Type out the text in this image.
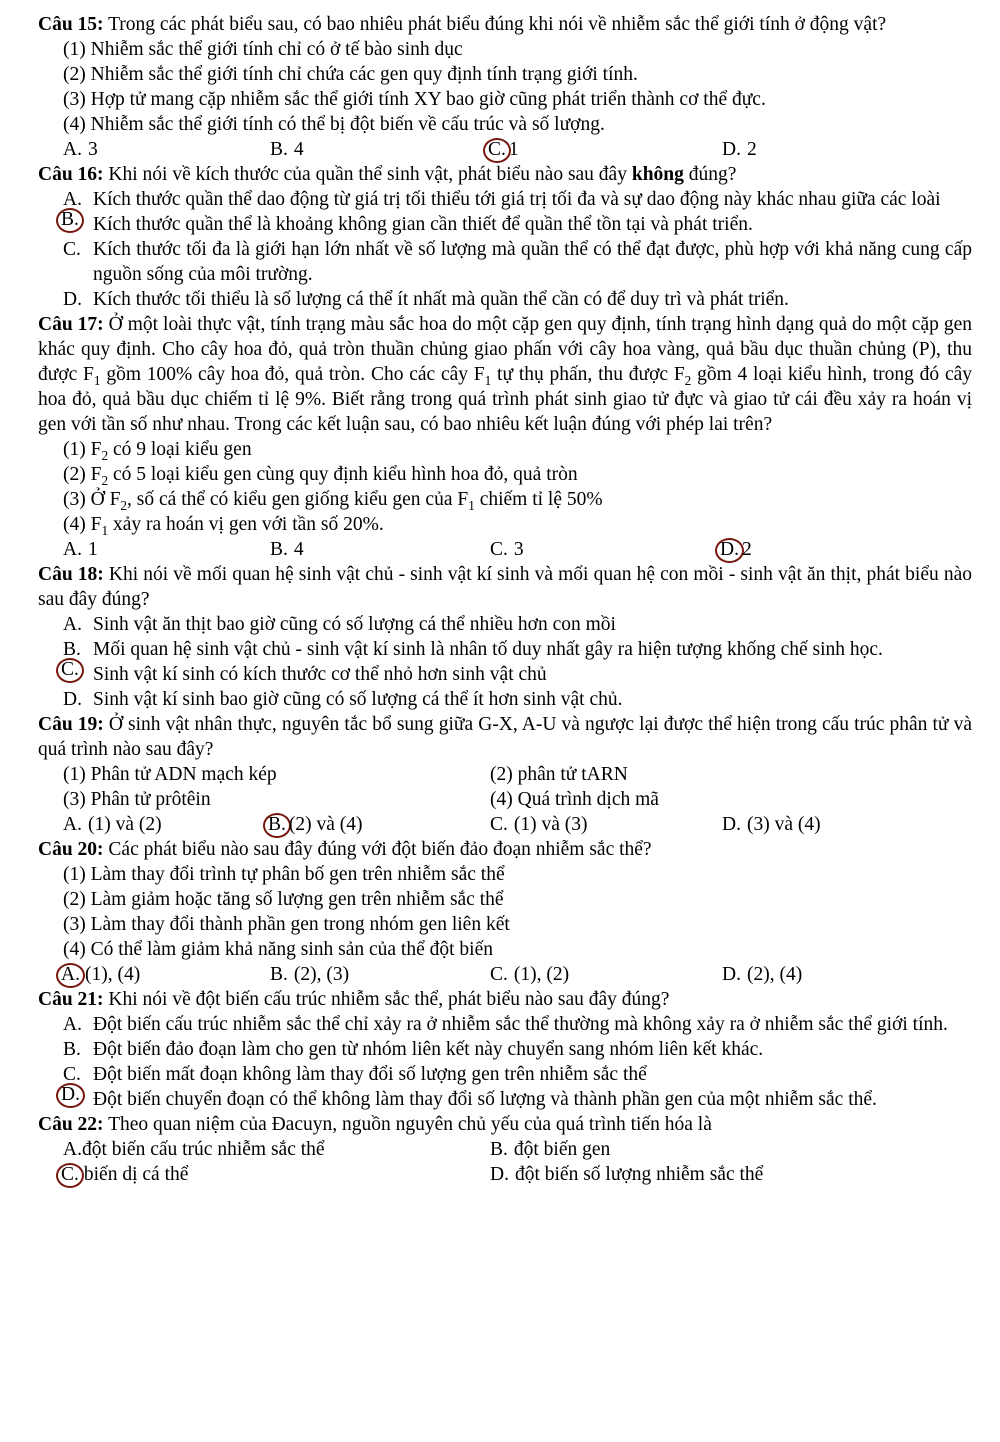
Câu 15: Trong các phát biểu sau, có bao nhiêu phát biểu đúng khi nói về nhiễm sắc thể giới tính ở động vật?

(1) Nhiễm sắc thể giới tính chỉ có ở tế bào sinh dục
(2) Nhiễm sắc thể giới tính chỉ chứa các gen quy định tính trạng giới tính.
(3) Hợp tử mang cặp nhiễm sắc thể giới tính XY bao giờ cũng phát triển thành cơ thể đực.
(4) Nhiễm sắc thể giới tính có thể bị đột biến về cấu trúc và số lượng.
A. 3	B. 4	C. 1	D. 2

Câu 16: Khi nói về kích thước của quần thể sinh vật, phát biểu nào sau đây không đúng?

A. Kích thước quần thể dao động từ giá trị tối thiểu tới giá trị tối đa và sự dao động này khác nhau giữa các loài
B. Kích thước quần thể là khoảng không gian cần thiết để quần thể tồn tại và phát triển.
C. Kích thước tối đa là giới hạn lớn nhất về số lượng mà quần thể có thể đạt được, phù hợp với khả năng cung cấp nguồn sống của môi trường.
D. Kích thước tối thiểu là số lượng cá thể ít nhất mà quần thể cần có để duy trì và phát triển.

Câu 17: Ở một loài thực vật, tính trạng màu sắc hoa do một cặp gen quy định, tính trạng hình dạng quả do một cặp gen khác quy định. Cho cây hoa đỏ, quả tròn thuần chủng giao phấn với cây hoa vàng, quả bầu dục thuần chủng (P), thu được $F_1$ gồm 100% cây hoa đỏ, quả tròn. Cho các cây $F_1$ tự thụ phấn, thu được $F_2$ gồm 4 loại kiểu hình, trong đó cây hoa đỏ, quả bầu dục chiếm tỉ lệ 9%. Biết rằng trong quá trình phát sinh giao tử đực và giao tử cái đều xảy ra hoán vị gen với tần số như nhau. Trong các kết luận sau, có bao nhiêu kết luận đúng với phép lai trên?

(1) $F_2$ có 9 loại kiểu gen
(2) $F_2$ có 5 loại kiểu gen cùng quy định kiểu hình hoa đỏ, quả tròn
(3) Ở $F_2$, số cá thể có kiểu gen giống kiểu gen của $F_1$ chiếm tỉ lệ 50%
(4) $F_1$ xảy ra hoán vị gen với tần số 20%.
A. 1	B. 4	C. 3	D. 2

Câu 18: Khi nói về mối quan hệ sinh vật chủ - sinh vật kí sinh và mối quan hệ con mồi - sinh vật ăn thịt, phát biểu nào sau đây đúng?

A. Sinh vật ăn thịt bao giờ cũng có số lượng cá thể nhiều hơn con mồi
B. Mối quan hệ sinh vật chủ - sinh vật kí sinh là nhân tố duy nhất gây ra hiện tượng khống chế sinh học.
C. Sinh vật kí sinh có kích thước cơ thể nhỏ hơn sinh vật chủ
D. Sinh vật kí sinh bao giờ cũng có số lượng cá thể ít hơn sinh vật chủ.

Câu 19: Ở sinh vật nhân thực, nguyên tắc bổ sung giữa G-X, A-U và ngược lại được thể hiện trong cấu trúc phân tử và quá trình nào sau đây?

(1) Phân tử ADN mạch kép	(2) phân tử tARN
(3) Phân tử prôtêin	(4) Quá trình dịch mã
A. (1) và (2)	B. (2) và (4)	C. (1) và (3)	D. (3) và (4)

Câu 20: Các phát biểu nào sau đây đúng với đột biến đảo đoạn nhiễm sắc thể?

(1) Làm thay đổi trình tự phân bố gen trên nhiễm sắc thể
(2) Làm giảm hoặc tăng số lượng gen trên nhiễm sắc thể
(3) Làm thay đổi thành phần gen trong nhóm gen liên kết
(4) Có thể làm giảm khả năng sinh sản của thể đột biến
A. (1), (4)	B. (2), (3)	C. (1), (2)	D. (2), (4)

Câu 21: Khi nói về đột biến cấu trúc nhiễm sắc thể, phát biểu nào sau đây đúng?

A. Đột biến cấu trúc nhiễm sắc thể chỉ xảy ra ở nhiễm sắc thể thường mà không xảy ra ở nhiễm sắc thể giới tính.
B. Đột biến đảo đoạn làm cho gen từ nhóm liên kết này chuyển sang nhóm liên kết khác.
C. Đột biến mất đoạn không làm thay đổi số lượng gen trên nhiễm sắc thể
D. Đột biến chuyển đoạn có thể không làm thay đổi số lượng và thành phần gen của một nhiễm sắc thể.

Câu 22: Theo quan niệm của Đacuyn, nguồn nguyên chủ yếu của quá trình tiến hóa là

A.đột biến cấu trúc nhiễm sắc thể	B. đột biến gen
C. biến dị cá thể	D. đột biến số lượng nhiễm sắc thể
